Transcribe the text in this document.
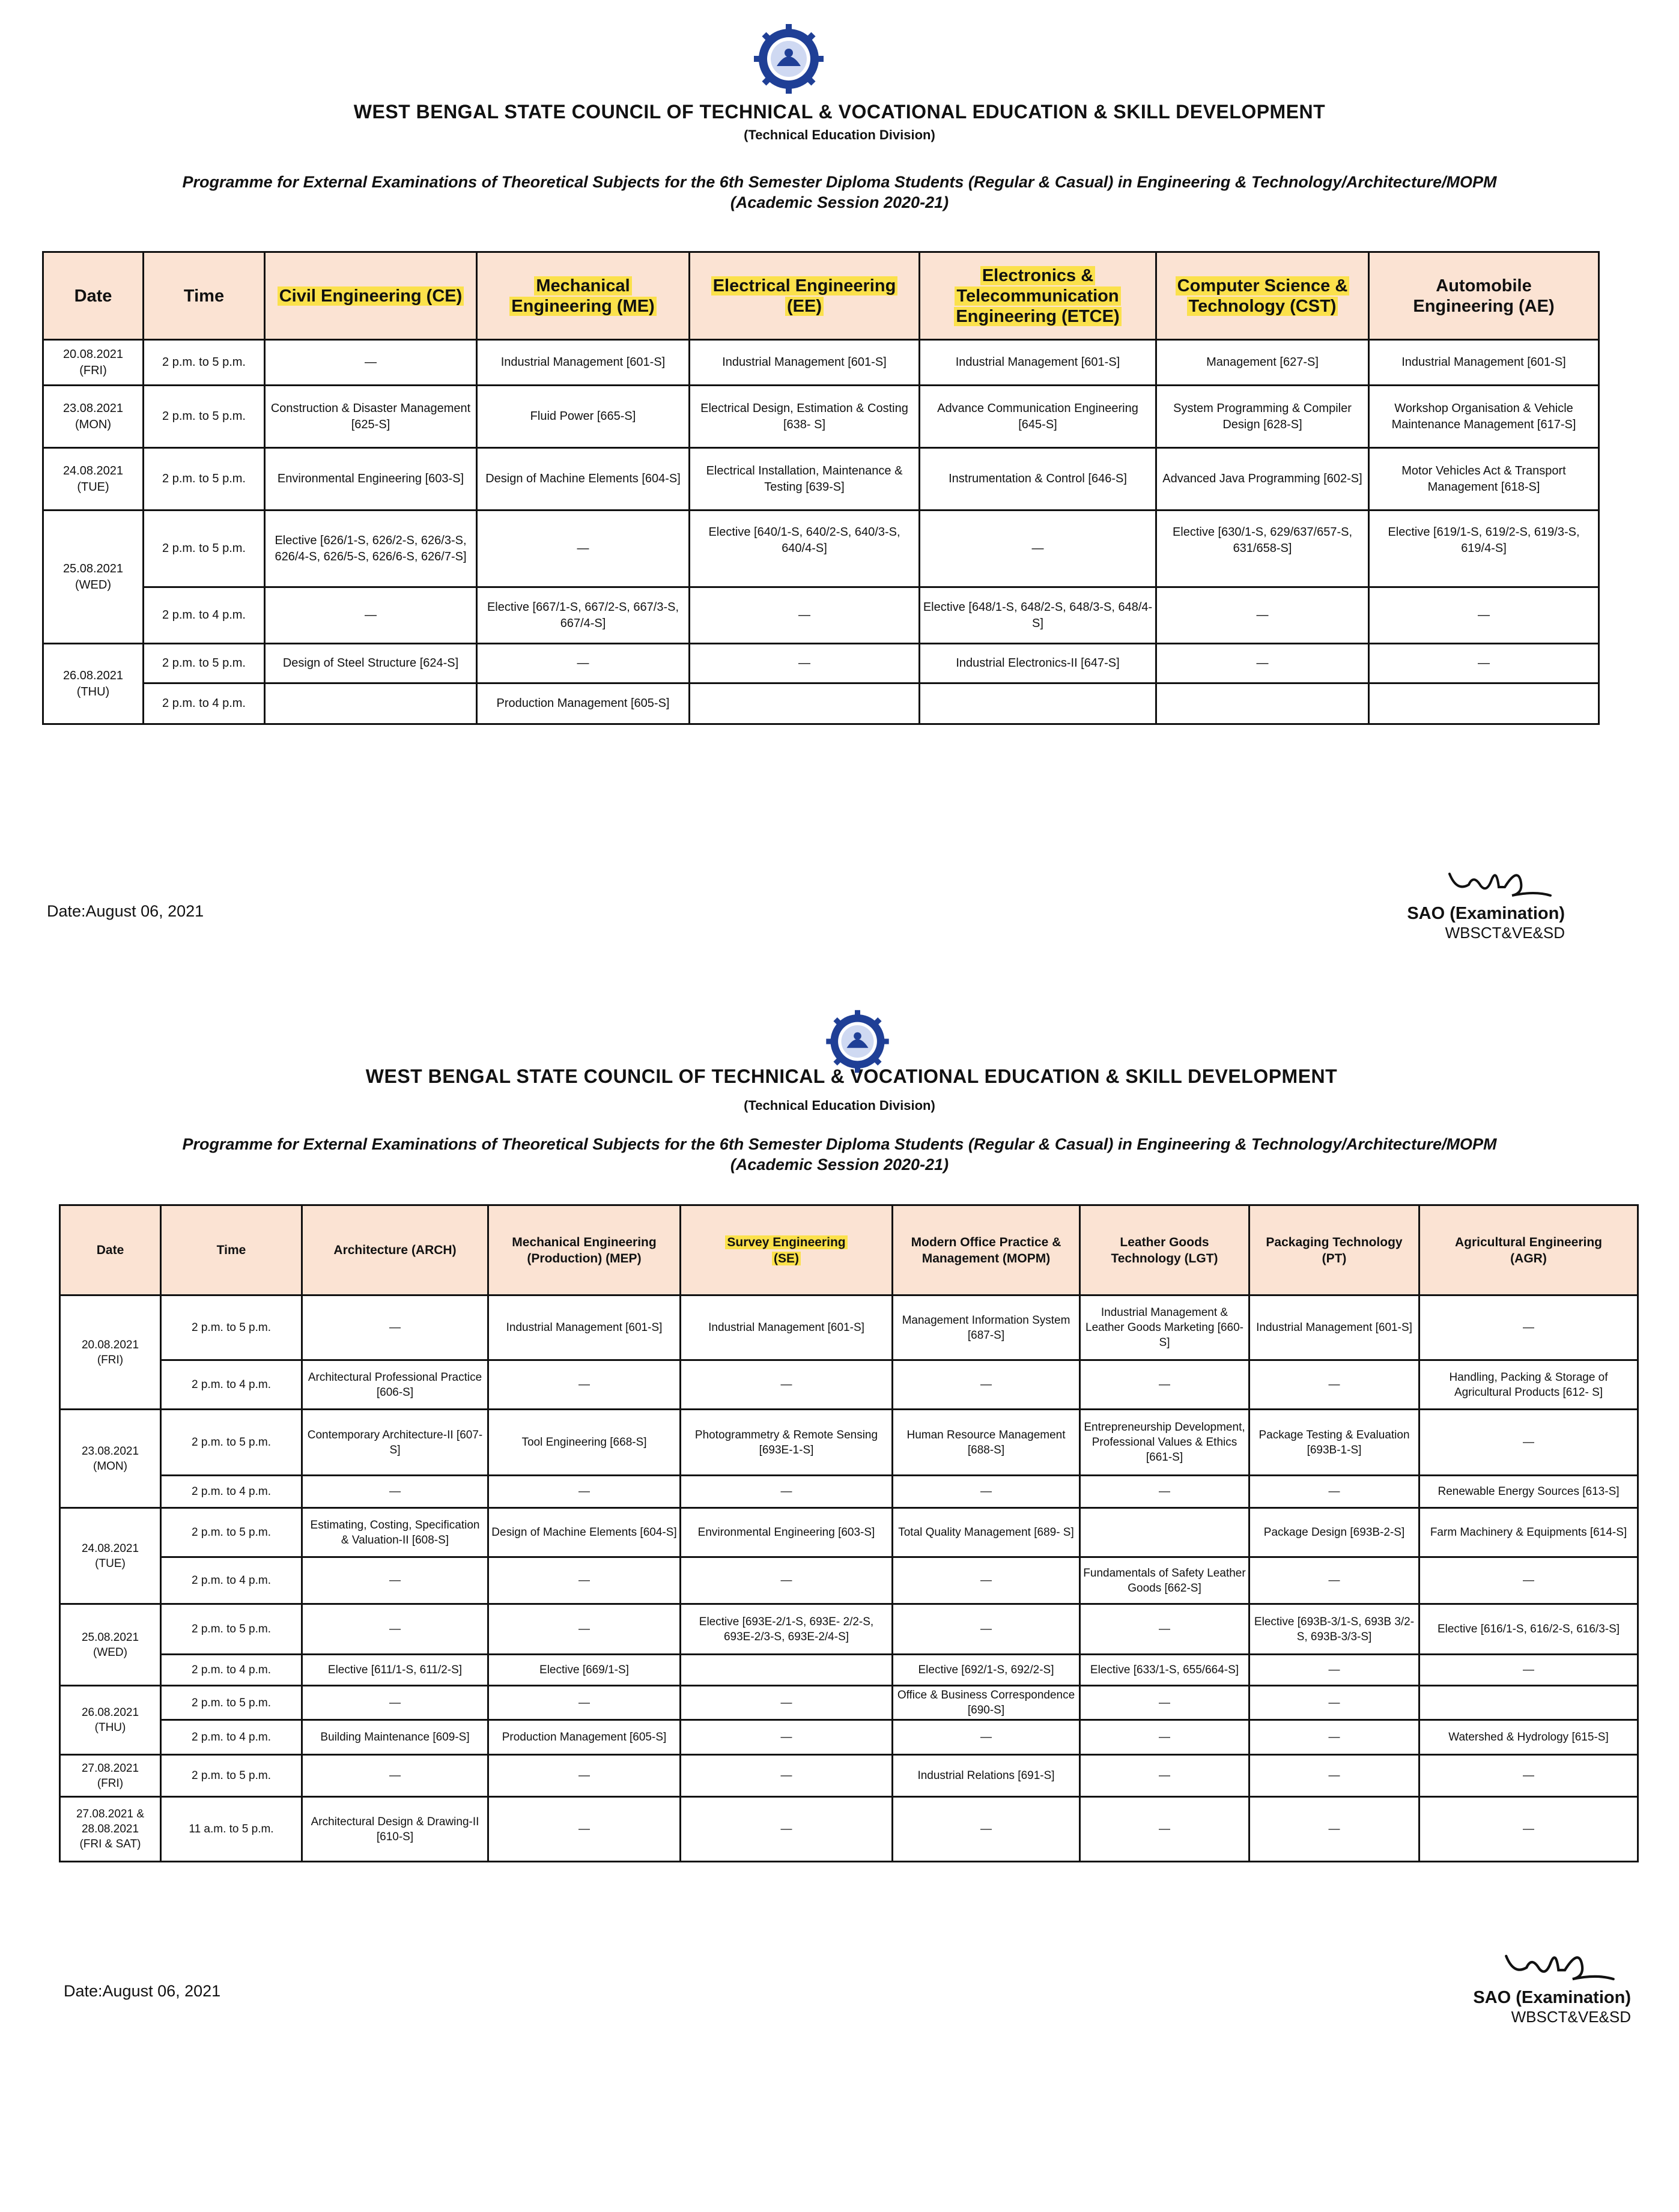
WEST BENGAL STATE COUNCIL OF TECHNICAL & VOCATIONAL EDUCATION & SKILL DEVELOPMENT
(Technical Education Division)
Programme for External Examinations of Theoretical Subjects for the 6th Semester Diploma Students (Regular & Casual) in Engineering & Technology/Architecture/MOPM
(Academic Session 2020-21)
Date	Time	Civil Engineering (CE)	Mechanical
Engineering (ME)	Electrical Engineering
(EE)	Electronics &
Telecommunication
Engineering (ETCE)	Computer Science &
Technology (CST)	Automobile
Engineering (AE)
20.08.2021
(FRI)	2 p.m. to 5 p.m.	—	Industrial Management [601-S]	Industrial Management [601-S]	Industrial Management [601-S]	Management [627-S]	Industrial Management [601-S]
23.08.2021
(MON)	2 p.m. to 5 p.m.	Construction & Disaster Management [625-S]	Fluid Power [665-S]	Electrical Design, Estimation & Costing [638- S]	Advance Communication Engineering [645-S]	System Programming & Compiler Design [628-S]	Workshop Organisation & Vehicle Maintenance Management [617-S]
24.08.2021
(TUE)	2 p.m. to 5 p.m.	Environmental Engineering [603-S]	Design of Machine Elements [604-S]	Electrical Installation, Maintenance & Testing [639-S]	Instrumentation & Control [646-S]	Advanced Java Programming [602-S]	Motor Vehicles Act & Transport Management [618-S]
25.08.2021
(WED)	2 p.m. to 5 p.m.	Elective [626/1-S, 626/2-S, 626/3-S, 626/4-S, 626/5-S, 626/6-S, 626/7-S]	—	Elective [640/1-S, 640/2-S, 640/3-S, 640/4-S]	—	Elective [630/1-S, 629/637/657-S, 631/658-S]	Elective [619/1-S, 619/2-S, 619/3-S, 619/4-S]
	2 p.m. to 4 p.m.	—	Elective [667/1-S, 667/2-S, 667/3-S, 667/4-S]	—	Elective [648/1-S, 648/2-S, 648/3-S, 648/4-S]	—	—
26.08.2021
(THU)	2 p.m. to 5 p.m.	Design of Steel Structure [624-S]	—	—	Industrial Electronics-II [647-S]	—	—
	2 p.m. to 4 p.m.		Production Management [605-S]				
Date:August 06, 2021	SAO (Examination)
WBSCT&VE&SD
WEST BENGAL STATE COUNCIL OF TECHNICAL & VOCATIONAL EDUCATION & SKILL DEVELOPMENT
(Technical Education Division)
Programme for External Examinations of Theoretical Subjects for the 6th Semester Diploma Students (Regular & Casual) in Engineering & Technology/Architecture/MOPM
(Academic Session 2020-21)
Date	Time	Architecture (ARCH)	Mechanical Engineering
(Production) (MEP)	Survey Engineering
(SE)	Modern Office Practice &
Management (MOPM)	Leather Goods
Technology (LGT)	Packaging Technology
(PT)	Agricultural Engineering
(AGR)
20.08.2021
(FRI)	2 p.m. to 5 p.m.	—	Industrial Management [601-S]	Industrial Management [601-S]	Management Information System [687-S]	Industrial Management & Leather Goods Marketing [660- S]	Industrial Management [601-S]	—
	2 p.m. to 4 p.m.	Architectural Professional Practice [606-S]	—	—	—	—	—	Handling, Packing & Storage of Agricultural Products [612- S]
23.08.2021
(MON)	2 p.m. to 5 p.m.	Contemporary Architecture-II [607-S]	Tool Engineering [668-S]	Photogrammetry & Remote Sensing [693E-1-S]	Human Resource Management [688-S]	Entrepreneurship Development, Professional Values & Ethics [661-S]	Package Testing & Evaluation [693B-1-S]	—
	2 p.m. to 4 p.m.	—	—	—	—	—	—	Renewable Energy Sources [613-S]
24.08.2021
(TUE)	2 p.m. to 5 p.m.	Estimating, Costing, Specification & Valuation-II [608-S]	Design of Machine Elements [604-S]	Environmental Engineering [603-S]	Total Quality Management [689- S]		Package Design [693B-2-S]	Farm Machinery & Equipments [614-S]
	2 p.m. to 4 p.m.	—	—	—	—	Fundamentals of Safety Leather Goods [662-S]	—	—
25.08.2021
(WED)	2 p.m. to 5 p.m.	—	—	Elective [693E-2/1-S, 693E- 2/2-S, 693E-2/3-S, 693E-2/4-S]	—	—	Elective [693B-3/1-S, 693B 3/2-S, 693B-3/3-S]	Elective [616/1-S, 616/2-S, 616/3-S]
	2 p.m. to 4 p.m.	Elective [611/1-S, 611/2-S]	Elective [669/1-S]		Elective [692/1-S, 692/2-S]	Elective [633/1-S, 655/664-S]	—	—
26.08.2021
(THU)	2 p.m. to 5 p.m.	—	—	—	Office & Business Correspondence [690-S]	—	—	
	2 p.m. to 4 p.m.	Building Maintenance [609-S]	Production Management [605-S]	—	—	—	—	Watershed & Hydrology [615-S]
27.08.2021
(FRI)	2 p.m. to 5 p.m.	—	—	—	Industrial Relations [691-S]	—	—	—
27.08.2021 &
28.08.2021
(FRI & SAT)	11 a.m. to 5 p.m.	Architectural Design & Drawing-II [610-S]	—	—	—	—	—	—
Date:August 06, 2021	SAO (Examination)
WBSCT&VE&SD
